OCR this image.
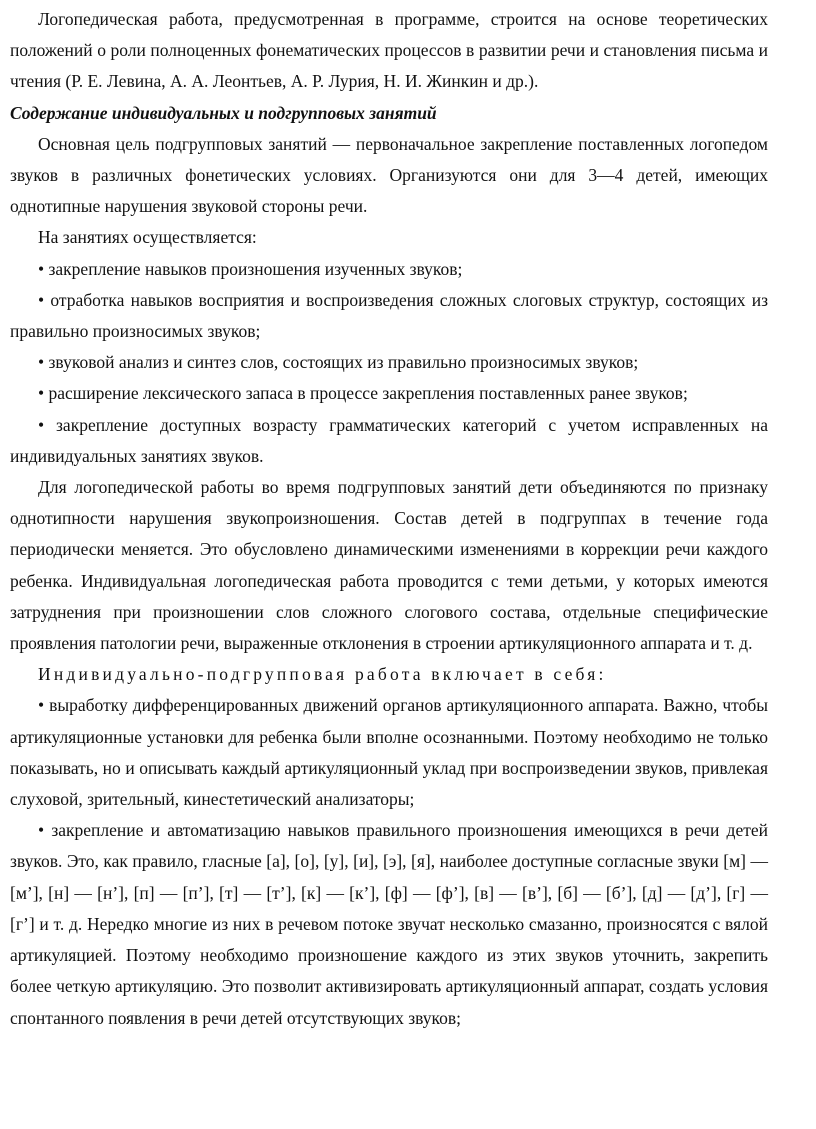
Логопедическая работа, предусмотренная в программе, строится на основе теоретических положений о роли полноценных фонематических процессов в развитии речи и становления письма и чтения (Р. Е. Левина, А. А. Леонтьев, А. Р. Лурия, Н. И. Жинкин и др.).

Содержание индивидуальных и подгрупповых занятий

Основная цель подгрупповых занятий — первоначальное закрепление поставленных логопедом звуков в различных фонетических условиях. Организуются они для 3—4 детей, имеющих однотипные нарушения звуковой стороны речи.

На занятиях осуществляется:

• закрепление навыков произношения изученных звуков;

• отработка навыков восприятия и воспроизведения сложных слоговых структур, состоящих из правильно произносимых звуков;

• звуковой анализ и синтез слов, состоящих из правильно произносимых звуков;

• расширение лексического запаса в процессе закрепления поставленных ранее звуков;

• закрепление доступных возрасту грамматических категорий с учетом исправленных на индивидуальных занятиях звуков.

Для логопедической работы во время подгрупповых занятий дети объединяются по признаку однотипности нарушения звукопроизношения. Состав детей в подгруппах в течение года периодически меняется. Это обусловлено динамическими изменениями в коррекции речи каждого ребенка. Индивидуальная логопедическая работа проводится с теми детьми, у которых имеются затруднения при произношении слов сложного слогового состава, отдельные специфические проявления патологии речи, выраженные отклонения в строении артикуляционного аппарата и т. д.

Индивидуально-подгрупповая работа включает в себя:

• выработку дифференцированных движений органов артикуляционного аппарата. Важно, чтобы артикуляционные установки для ребенка были вполне осознанными. Поэтому необходимо не только показывать, но и описывать каждый артикуляционный уклад при воспроизведении звуков, привлекая слуховой, зрительный, кинестетический анализаторы;

• закрепление и автоматизацию навыков правильного произношения имеющихся в речи детей звуков. Это, как правило, гласные [а], [о], [у], [и], [э], [я], наиболее доступные согласные звуки [м] — [м’], [н] — [н’], [п] — [п’], [т] — [т’], [к] — [к’], [ф] — [ф’], [в] — [в’], [б] — [б’], [д] — [д’], [г] — [г’] и т. д. Нередко многие из них в речевом потоке звучат несколько смазанно, произносятся с вялой артикуляцией. Поэтому необходимо произношение каждого из этих звуков уточнить, закрепить более четкую артикуляцию. Это позволит активизировать артикуляционный аппарат, создать условия спонтанного появления в речи детей отсутствующих звуков;
